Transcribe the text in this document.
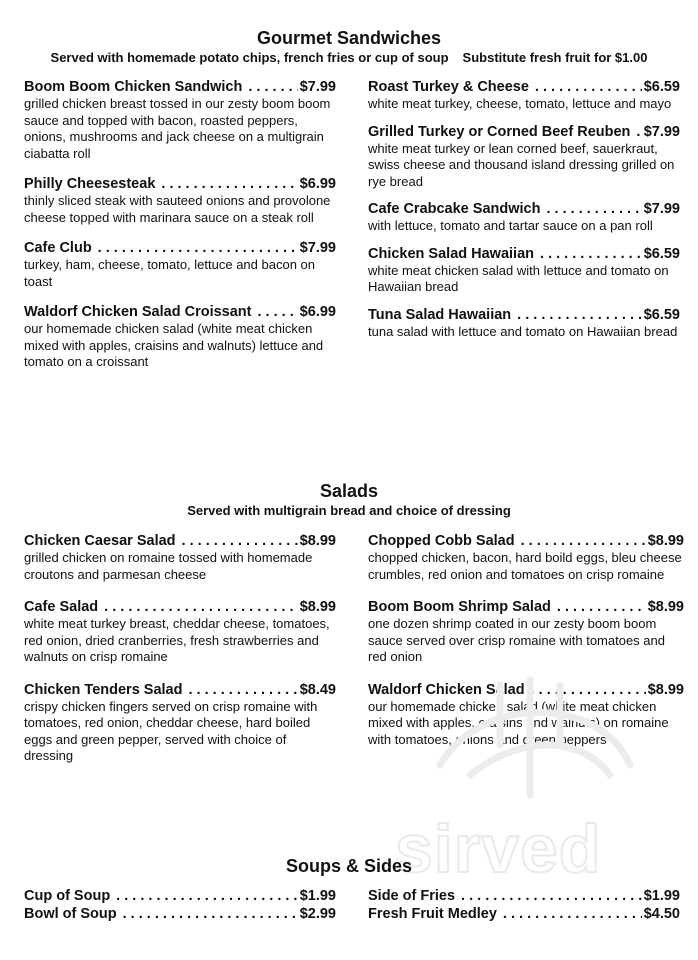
Gourmet Sandwiches
Served with homemade potato chips, french fries or cup of soup Substitute fresh fruit for $1.00
Boom Boom Chicken Sandwich . . .	$7.99
grilled chicken breast tossed in our zesty boom boom sauce and topped with bacon, roasted peppers, onions, mushrooms and jack cheese on a multigrain ciabatta roll
Philly Cheesesteak . . .	$6.99
thinly sliced steak with sauteed onions and provolone cheese topped with marinara sauce on a steak roll
Cafe Club . . .	$7.99
turkey, ham, cheese, tomato, lettuce and bacon on toast
Waldorf Chicken Salad Croissant . . .	$6.99
our homemade chicken salad (white meat chicken mixed with apples, craisins and walnuts) lettuce and tomato on a croissant
Roast Turkey & Cheese . . .	$6.59
white meat turkey, cheese, tomato, lettuce and mayo
Grilled Turkey or Corned Beef Reuben . . . $7.99
white meat turkey or lean corned beef, sauerkraut, swiss cheese and thousand island dressing grilled on rye bread
Cafe Crabcake Sandwich . . .	$7.99
with lettuce, tomato and tartar sauce on a pan roll
Chicken Salad Hawaiian . . .	$6.59
white meat chicken salad with lettuce and tomato on Hawaiian bread
Tuna Salad Hawaiian . . .	$6.59
tuna salad with lettuce and tomato on Hawaiian bread
Salads
Served with multigrain bread and choice of dressing
Chicken Caesar Salad . . .	$8.99
grilled chicken on romaine tossed with homemade croutons and parmesan cheese
Cafe Salad . . .	$8.99
white meat turkey breast, cheddar cheese, tomatoes, red onion, dried cranberries, fresh strawberries and walnuts on crisp romaine
Chicken Tenders Salad . . .	$8.49
crispy chicken fingers served on crisp romaine with tomatoes, red onion, cheddar cheese, hard boiled eggs and green pepper, served with choice of dressing
Chopped Cobb Salad . . .	$8.99
chopped chicken, bacon, hard boild eggs, bleu cheese crumbles, red onion and tomatoes on crisp romaine
Boom Boom Shrimp Salad . . .	$8.99
one dozen shrimp coated in our zesty boom boom sauce served over crisp romaine with tomatoes and red onion
Waldorf Chicken Salad . . .	$8.99
our homemade chicken salad (white meat chicken mixed with apples, craisins and walnuts) on romaine with tomatoes, onions and green peppers
sirved
Soups & Sides
Cup of Soup . . .	$1.99
Bowl of Soup . . .	$2.99
Side of Fries . . .	$1.99
Fresh Fruit Medley . . .	$4.50
